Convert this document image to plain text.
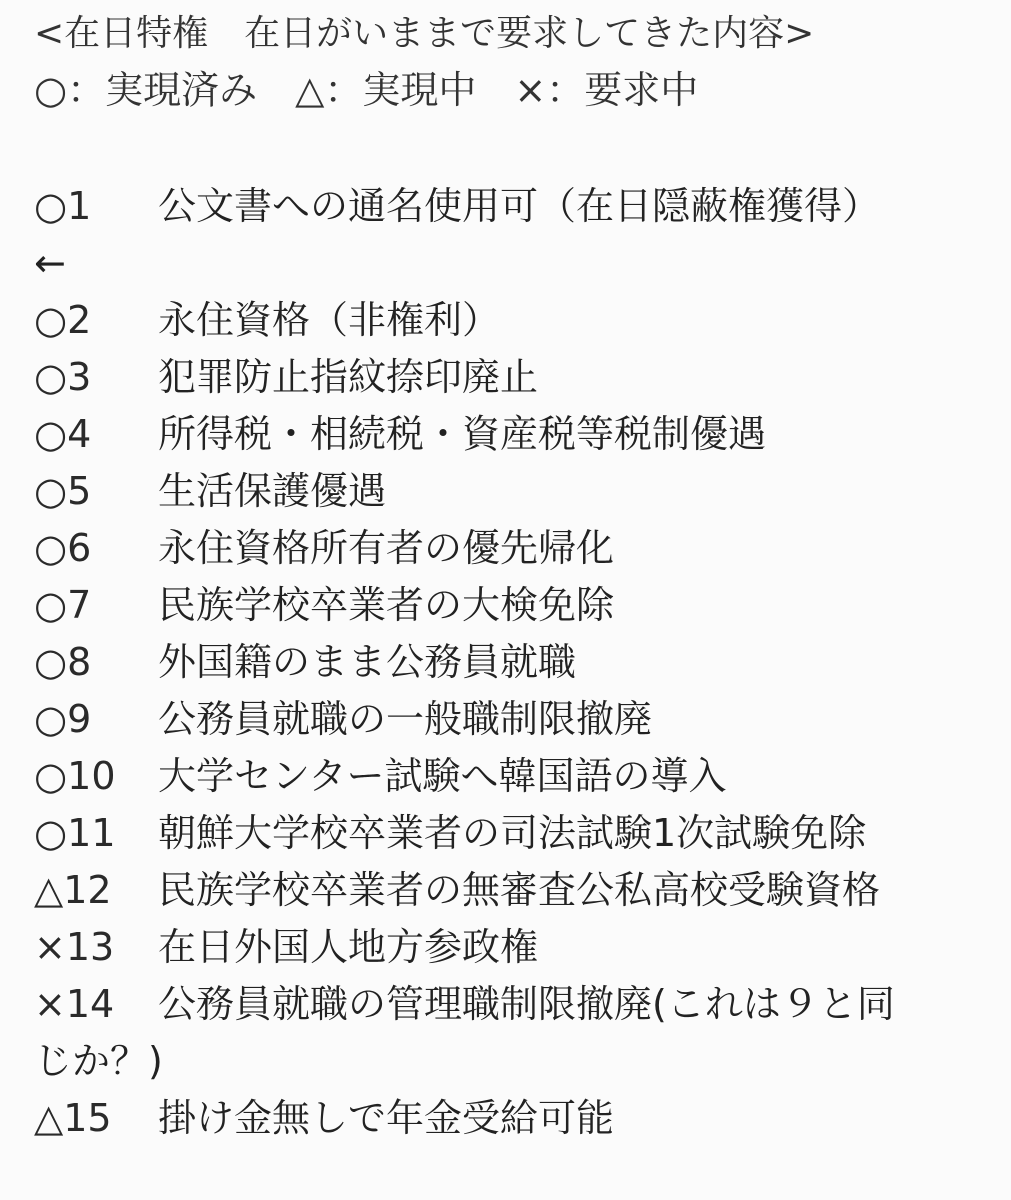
<在日特権　在日がいままで要求してきた内容>
○：実現済み　△：実現中　×：要求中
○1 公文書への通名使用可（在日隠蔽権獲得）
←
○2 永住資格（非権利）
○3 犯罪防止指紋捺印廃止
○4 所得税・相続税・資産税等税制優遇
○5 生活保護優遇
○6 永住資格所有者の優先帰化
○7 民族学校卒業者の大検免除
○8 外国籍のまま公務員就職
○9 公務員就職の一般職制限撤廃
○10 大学センター試験へ韓国語の導入
○11 朝鮮大学校卒業者の司法試験1次試験免除
△12 民族学校卒業者の無審査公私高校受験資格
×13 在日外国人地方参政権
×14 公務員就職の管理職制限撤廃(これは９と同
じか？)
△15 掛け金無しで年金受給可能
